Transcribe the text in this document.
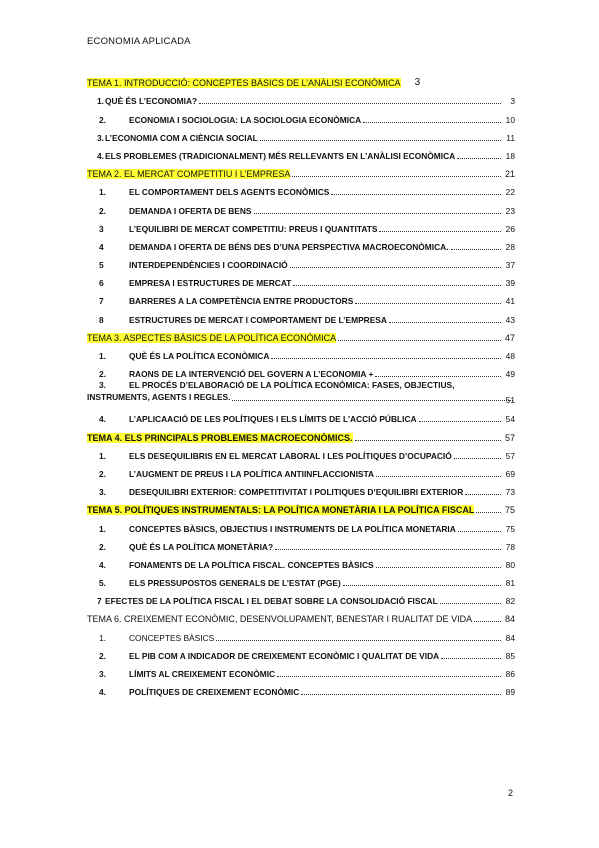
ECONOMIA APLICADA
TEMA 1. INTRODUCCIÓ: CONCEPTES BÀSICS DE L’ANÀLISI ECONÒMICA 3
1.QUÈ ÉS L’ECONOMIA?	3
2.	ECONOMIA I SOCIOLOGIA: LA SOCIOLOGIA ECONÒMICA	10
3.L’ECONOMIA COM A CIÈNCIA SOCIAL	11
4.ELS PROBLEMES (TRADICIONALMENT) MÉS RELLEVANTS EN L’ANÀLISI ECONÒMICA	18
TEMA 2. EL MERCAT COMPETITIU I L’EMPRESA	21
1.	EL COMPORTAMENT DELS AGENTS ECONÒMICS	22
2.	DEMANDA I OFERTA DE BENS	23
3	L’EQUILIBRI DE MERCAT COMPETITIU: PREUS I QUANTITATS	26
4	DEMANDA I OFERTA DE BÉNS DES D’UNA PERSPECTIVA MACROECONÒMICA.	28
5	INTERDEPENDÈNCIES I COORDINACIÓ	37
6	EMPRESA I ESTRUCTURES DE MERCAT	39
7	BARRERES A LA COMPETÈNCIA ENTRE PRODUCTORS	41
8	ESTRUCTURES DE MERCAT I COMPORTAMENT DE L’EMPRESA	43
TEMA 3. ASPECTES BÀSICS DE LA POLÍTICA ECONÒMICA	47
1.	QUÈ ÉS LA POLÍTICA ECONÒMICA	48
2.	RAONS DE LA INTERVENCIÓ DEL GOVERN A L’ECONOMIA +	49
3.	EL PROCÉS D’ELABORACIÓ DE LA POLÍTICA ECONÒMICA: FASES, OBJECTIUS,
INSTRUMENTS, AGENTS I REGLES.	51
4.	L’APLICAACIÓ DE LES POLÍTIQUES I ELS LÍMITS DE L’ACCIÓ PÚBLICA	54
TEMA 4. ELS PRINCIPALS PROBLEMES MACROECONÒMICS.	57
1.	ELS DESEQUILIBRIS EN EL MERCAT LABORAL I LES POLÍTIQUES D’OCUPACIÓ	57
2.	L’AUGMENT DE PREUS I LA POLÍTICA ANTIINFLACCIONISTA	69
3.	DESEQUILIBRI EXTERIOR: COMPETITIVITAT I POLITIQUES D’EQUILIBRI EXTERIOR	73
TEMA 5. POLÍTIQUES INSTRUMENTALS: LA POLÍTICA MONETÀRIA I LA POLÍTICA FISCAL	75
1.	CONCEPTES BÀSICS, OBJECTIUS I INSTRUMENTS DE LA POLÍTICA MONETARIA	75
2.	QUÈ ÉS LA POLÍTICA MONETÀRIA?	78
4.	FONAMENTS DE LA POLÍTICA FISCAL. CONCEPTES BÀSICS	80
5.	ELS PRESSUPOSTOS GENERALS DE L’ESTAT (PGE)	81
7 EFECTES DE LA POLÍTICA FISCAL I EL DEBAT SOBRE LA CONSOLIDACIÓ FISCAL	82
TEMA 6. CREIXEMENT ECONÒMIC, DESENVOLUPAMENT, BENESTAR I RUALITAT DE VIDA	84
1.	CONCEPTES BÀSICS	84
2.	EL PIB COM A INDICADOR DE CREIXEMENT ECONÒMIC I QUALITAT DE VIDA	85
3.	LÍMITS AL CREIXEMENT ECONÒMIC	86
4.	POLÍTIQUES DE CREIXEMENT ECONÒMIC	89
2
